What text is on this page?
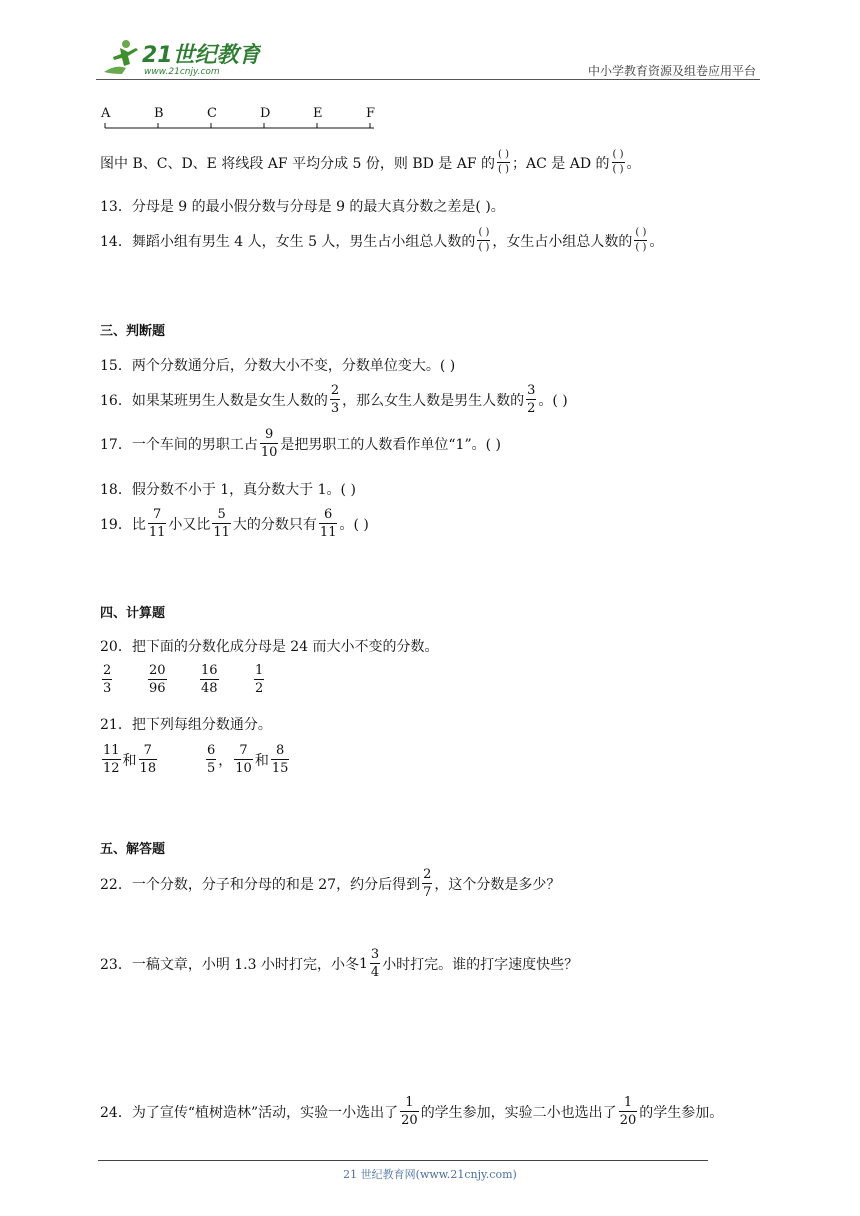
21世纪教育
www.21cnjy.com	中小学教育资源及组卷应用平台
A	B	C	D	E	F
图中 B、C、D、E 将线段 AF 平均分成 5 份，则 BD 是 AF 的
( )
( ) ；AC 是 AD 的
( )
( ) 。
13．分母是 9 的最小假分数与分母是 9 的最大真分数之差是( )。
14．舞蹈小组有男生 4 人，女生 5 人，男生占小组总人数的
( )
( ) ，女生占小组总人数的
( )
( ) 。
三、判断题
15．两个分数通分后，分数大小不变，分数单位变大。( )
16．如果某班男生人数是女生人数的
2
3 ，那么女生人数是男生人数的
3
2 。( )
17．一个车间的男职工占
9
10 是把男职工的人数看作单位“1”。( )
18．假分数不小于 1，真分数大于 1。( )
19．比
7
11 小又比
5
11 大的分数只有
6
11 。( )
四、计算题
20．把下面的分数化成分母是 24 而大小不变的分数。
2
3
20
96
16
48
1
2
21．把下列每组分数通分。
11
12 和
7
18
6
5 ，
7
10 和
8
15
五、解答题
22．一个分数，分子和分母的和是 27，约分后得到
2
7 ，这个分数是多少？
23．一稿文章，小明 1.3 小时打完，小冬 1
3
4 小时打完。谁的打字速度快些？
24．为了宣传“植树造林”活动，实验一小选出了
1
20 的学生参加，实验二小也选出了
1
20 的学生参加。
21 世纪教育网(www.21cnjy.com)
